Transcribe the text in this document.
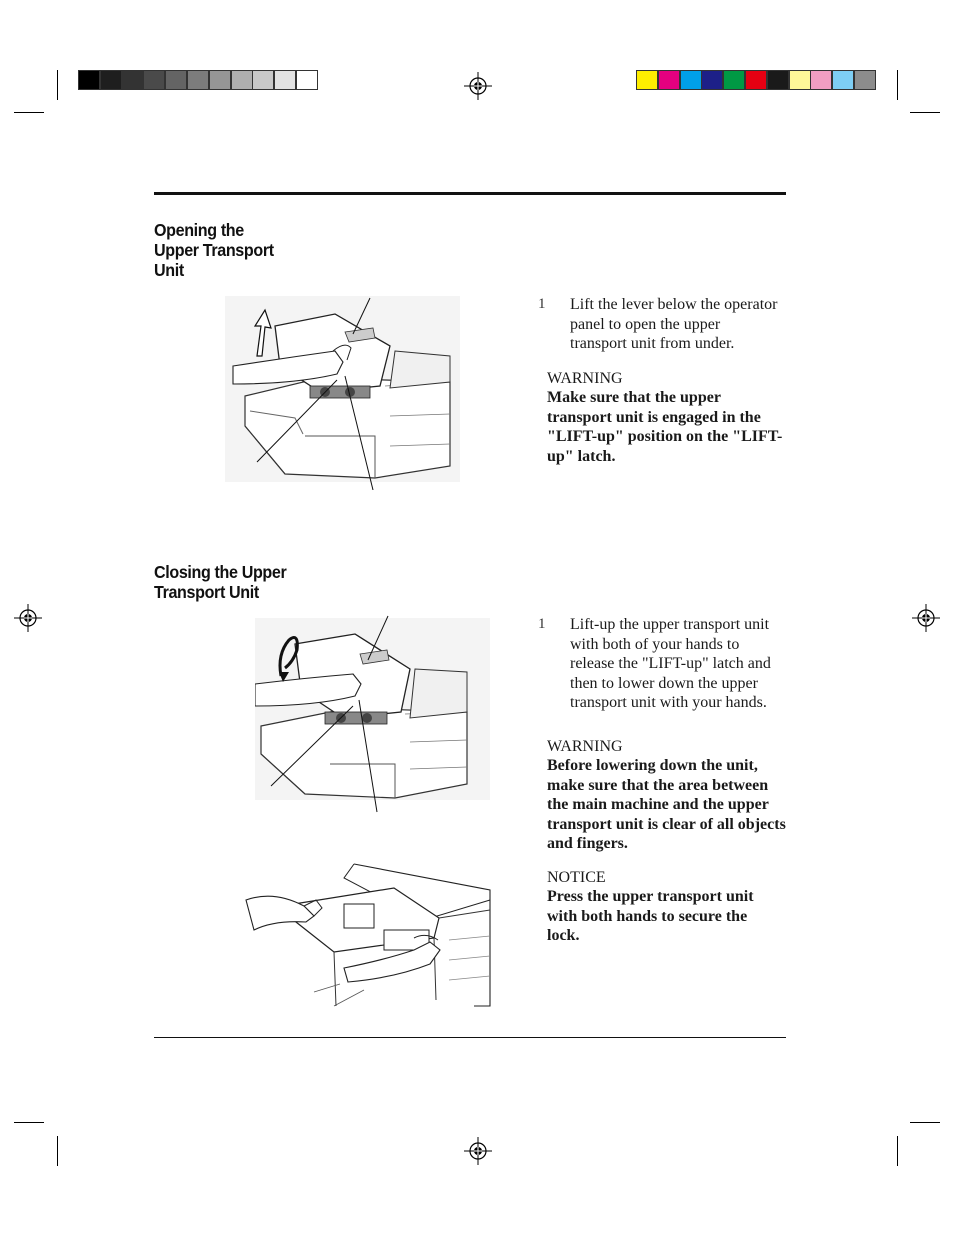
Opening the
Upper Transport
Unit
1 Lift the lever below the operator
panel to open the upper
transport unit from under.
WARNING
Make sure that the upper
transport unit is engaged in the
"LIFT-up" position on the "LIFT-
up" latch.
Closing the Upper
Transport Unit
1 Lift-up the upper transport unit
with both of your hands to
release the "LIFT-up" latch and
then to lower down the upper
transport unit with your hands.
WARNING
Before lowering down the unit,
make sure that the area between
the main machine and the upper
transport unit is clear of all objects
and fingers.
NOTICE
Press the upper transport unit
with both hands to secure the
lock.
